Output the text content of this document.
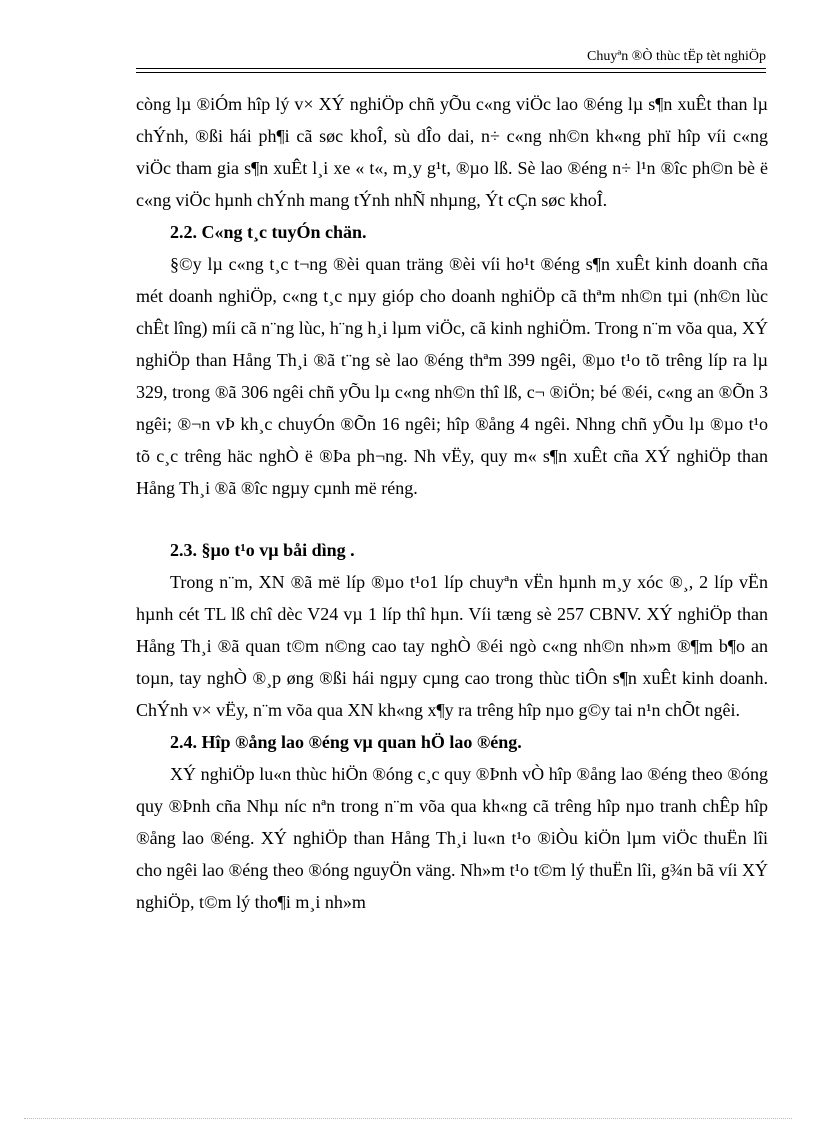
Chuyªn ®Ò thùc tËp tèt nghiÖp

còng lµ ®iÓm hîp lý v× XÝ nghiÖp chñ yÕu c«ng viÖc lao ®éng lµ s¶n xuÊt than lµ chÝnh, ®ßi hái ph¶i cã søc khoÎ, sù dÎo dai, n÷ c«ng nh©n kh«ng phï hîp víi c«ng viÖc tham gia s¶n xuÊt l¸i xe « t«, m¸y g¹t, ®µo lß. Sè lao ®éng n÷ l¹n ®îc ph©n bè ë c«ng viÖc hµnh chÝnh mang tÝnh nhÑ nhµng, Ýt cÇn søc khoÎ.

2.2. C«ng t¸c tuyÓn chän.

§©y lµ c«ng t¸c t¬ng ®èi quan träng ®èi víi ho¹t ®éng s¶n xuÊt kinh doanh cña mét doanh nghiÖp, c«ng t¸c nµy gióp cho doanh nghiÖp cã thªm nh©n tµi (nh©n lùc chÊt lîng) míi cã n¨ng lùc, h¨ng h¸i lµm viÖc, cã kinh nghiÖm. Trong n¨m võa qua, XÝ nghiÖp than Hång Th¸i ®ã t¨ng sè lao ®éng thªm 399 ngêi, ®µo t¹o tõ trêng líp ra lµ 329, trong ®ã 306 ngêi chñ yÕu lµ c«ng nh©n thî lß, c¬ ®iÖn; bé ®éi, c«ng an ®Õn 3 ngêi; ®¬n vÞ kh¸c chuyÓn ®Õn 16 ngêi; hîp ®ång 4 ngêi. Nhng chñ yÕu lµ ®µo t¹o tõ c¸c trêng häc nghÒ ë ®Þa ph¬ng. Nh vËy, quy m« s¶n xuÊt cña XÝ nghiÖp than Hång Th¸i ®ã ®îc ngµy cµnh më réng.

2.3. §µo t¹o vµ båi dìng .

Trong n¨m, XN ®ã më líp ®µo t¹o1 líp chuyªn vËn hµnh m¸y xóc ®¸, 2 líp vËn hµnh cét TL lß chî dèc V24 vµ 1 líp thî hµn. Víi tæng sè 257 CBNV. XÝ nghiÖp than Hång Th¸i ®ã quan t©m n©ng cao tay nghÒ ®éi ngò c«ng nh©n nh»m ®¶m b¶o an toµn, tay nghÒ ®¸p øng ®ßi hái ngµy cµng cao trong thùc tiÔn s¶n xuÊt kinh doanh. ChÝnh v× vËy, n¨m võa qua XN kh«ng x¶y ra trêng hîp nµo g©y tai n¹n chÕt ngêi.

2.4. Hîp ®ång lao ®éng vµ quan hÖ lao ®éng.

XÝ nghiÖp lu«n thùc hiÖn ®óng c¸c quy ®Þnh vÒ hîp ®ång lao ®éng theo ®óng quy ®Þnh cña Nhµ níc nªn trong n¨m võa qua kh«ng cã trêng hîp nµo tranh chÊp hîp ®ång lao ®éng. XÝ nghiÖp than Hång Th¸i lu«n t¹o ®iÒu kiÖn lµm viÖc thuËn lîi cho ngêi lao ®éng theo ®óng nguyÖn väng. Nh»m t¹o t©m lý thuËn lîi, g¾n bã víi XÝ nghiÖp, t©m lý tho¶i m¸i nh»m
